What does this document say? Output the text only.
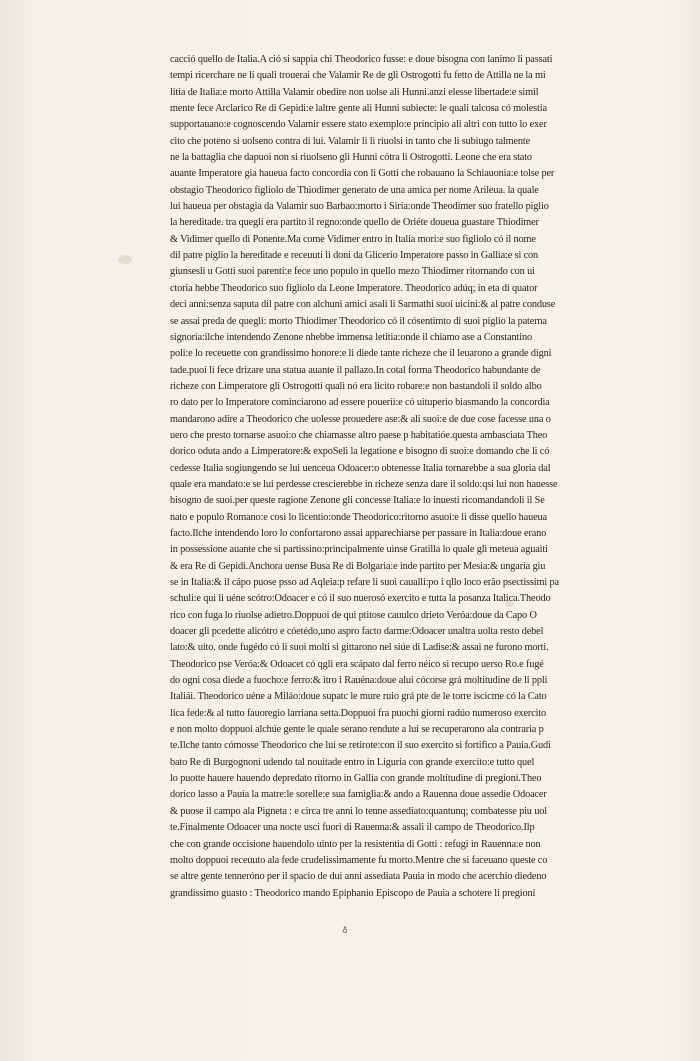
cacció quello de Italia.A ció si sappia chi Theodorico fusse: e doue bisogna con lanimo li passati
tempi ricerchare ne li quali trouerai che Valamir Re de gli Ostrogotti fu fetto de Attilla ne la mi
litia de Italia:e morto Attilla Valamir obedire non uolse ali Hunni.anzi elesse libertade:e simil
mente fece Arclarico Re di Gepidi:e laltre gente ali Hunni subiecte: le quali talcosa có molestia
supportauano:e cognoscendo Valamir essere stato exemplo:e principio ali altri con tutto lo exer
cito che poteno si uolseno contra di lui. Valamir li li riuolsi in tanto che li subiugo talmente
ne la battaglia che dapuoi non si riuolseno gli Hunni cótra li Ostrogotti. Leone che era stato
auante Imperatore gia haueua facto concordia con li Gotti che robauano la Schiauonia:e tolse per
obstagio Theodorico figliolo de Thiodimer generato de una amica per nome Arileua. la quale
lui haueua per obstagia da Valamir suo Barbao:morto i Siria:onde Theodimer suo fratello piglio
la hereditade. tra quegli era partito il regno:onde quello de Oriéte doueua guastare Thiodimer
& Vidimer quello di Ponente.Ma come Vidimer entro in Italia mori:e suo figliolo có il nome
dil patre piglio la hereditade e receuuti li doni da Glicerio Imperatore passo in Gallia:e si con
giunsesli u Gotti suoi parenti:e fece uno populo in quello mezo Thiodimer ritornando con ui
ctoria hebbe Theodorico suo figliolo da Leone Imperatore. Theodorico adúq; in eta di quator
deci anni:senza saputa dil patre con alchuni amici asali li Sarmathi suoi uicini:& al patre conduse
se assai preda de quegli: morto Thiodimer Theodorico có il cósentimto di suoi piglio la paterna
signoria:ilche intendendo Zenone nhebbe immensa letitia:onde il chiamo ase a Constantino
poli:e lo receuette con grandissimo honore:e li diede tante richeze che il leuarono a grande digni
tade.puoi li fece drizare una statua auante il pallazo.In cotal forma Theodorico habundante de
richeze con Limperatore gli Ostrogotti quali nó era licito robare:e non bastandoli il soldo albo
ro dato per lo Imperatore cominciarono ad essere pouerii:e có uituperio biasmando la concordia
mandarono adire a Theodorico che uolesse prouedere ase:& ali suoi:e de due cose facesse una o
uero che presto tornarse asuoi:o che chiamasse altro paese p habitatióe.questa ambasciata Theo
dorico oduta ando a Limperatore:& expoSeli la legatione e bisogno di suoi:e domando che li có
cedesse Italia sogiungendo se lui uenceua Odoacer:o obtenesse Italia tornarebbe a sua gloria dal
quale era mandato:e se lui perdesse crescierebbe in richeze senza dare il soldo:qsi lui non hauesse
bisogno de suoi.per queste ragione Zenone gli concesse Italia:e lo inuesti ricomandandoli il Se
nato e populo Romano:e cosi lo licentio:onde Theodorico:ritorno asuoi:e li disse quello haueua
facto.Ilche intendendo loro lo confortarono assai apparechiarse per passare in Italia:doue erano
in possessione auante che si partissino:principalmente uinse Gratilla lo quale gli meteua aguaiti
& era Re di Gepidi.Anchora uense Busa Re di Bolgaria:e inde partito per Mesia:& ungaria giu
se in Italia:& il cápo puose psso ad Aqleia:p refare li suoi caualli:po i qllo loco erão psectissimi pa
schuli:e qui li uéne scótro:Odoacer e có il suo nuerosó exercito e tutta la posanza Italica.Theodo
rico con fuga lo riuolse adietro.Doppuoi de qui ptitose cauulco drieto Veróa:doue da Capo O
doacer gli pcedette alicótro e cóetédo,uno aspro facto darme:Odoacer unaltra uolta resto debel
lato:& uito. onde fugédo có li suoi molti si gittarono nel siúe di Ladise:& assai ne furono morti.
Theodorico pse Veróa:& Odoacet có qgli era scápato dal ferro néico si recupo uerso Ro.e fugé
do ogni cosa diede a fuocho:e ferro:& itro i Rauéna:doue alui cócorse grá moltitudine de li ppli
Italiái. Theodorico uéne a Miláo:doue supatc le mure ruio grá pte de le torre iscicme có la Cato
lica fede:& al tutto fauoregio larriana setta.Doppuoi fra puochi giorni radúo numeroso exercito
e non molto doppuoi alchúe gente le quale serano rendute a lui se recuperarono ala contraria p
te.Ilche tanto cómosse Theodorico che lui se retirote:con il suo exercito si fortifico a Pauia.Gudi
bato Re di Burgognoni udendo tal nouitade entro in Liguria con grande exercito:e tutto quel
lo puotte hauere hauendo depredato ritorno in Gallia con grande moltitudine di pregioni.Theo
dorico lasso a Pauia la matre:le sorelle:e sua famiglia:& ando a Rauenna doue assedie Odoacer
& puose il campo ala Pigneta : e circa tre anni lo tenne assediato:quantunq; combatesse piu uol
te.Finalmente Odoacer una nocte usci fuori di Rauenna:& assali il campo de Theodorico.Ilp
che con grande occisione hauendolo uinto per la resistentia di Gotti : refugi in Rauenna:e non
molto doppuoi receuuto ala fede crudelissimamente fu morto.Mentre che si faceuano queste co
se altre gente tenneróno per il spacio de dui anni assediata Pauia in modo che acerchio diedeno
grandissimo guasto : Theodorico mando Epiphanio Episcopo de Pauia a schotere li pregioni
♁
